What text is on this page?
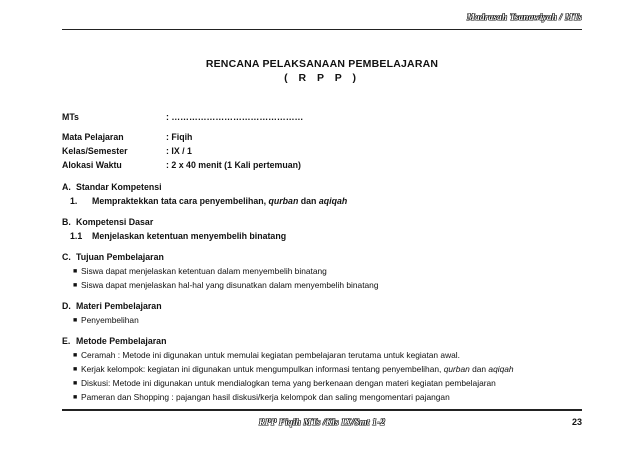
Madrasah Tsanawiyah / MTs
RENCANA PELAKSANAAN PEMBELAJARAN
( R P P )
MTs	: ………………………………………
Mata Pelajaran	: Fiqih
Kelas/Semester	: IX / 1
Alokasi Waktu	: 2 x 40 menit (1 Kali pertemuan)
A. Standar Kompetensi
1.	Mempraktekkan tata cara penyembelihan, qurban dan aqiqah
B. Kompetensi Dasar
1.1	Menjelaskan ketentuan menyembelih binatang
C. Tujuan Pembelajaran
■ Siswa dapat menjelaskan ketentuan dalam menyembelih binatang
■ Siswa dapat menjelaskan hal-hal yang disunatkan dalam menyembelih binatang
D. Materi Pembelajaran
■ Penyembelihan
E. Metode Pembelajaran
■ Ceramah : Metode ini digunakan untuk memulai kegiatan pembelajaran terutama untuk kegiatan awal.
■ Kerjak kelompok: kegiatan ini digunakan untuk mengumpulkan informasi tentang penyembelihan, qurban dan aqiqah
■ Diskusi: Metode ini digunakan untuk mendialogkan tema yang berkenaan dengan materi kegiatan pembelajaran
■ Pameran dan Shopping : pajangan hasil diskusi/kerja kelompok dan saling mengomentari pajangan
RPP Fiqih MTs /Kls IX/Smt 1-2	23
